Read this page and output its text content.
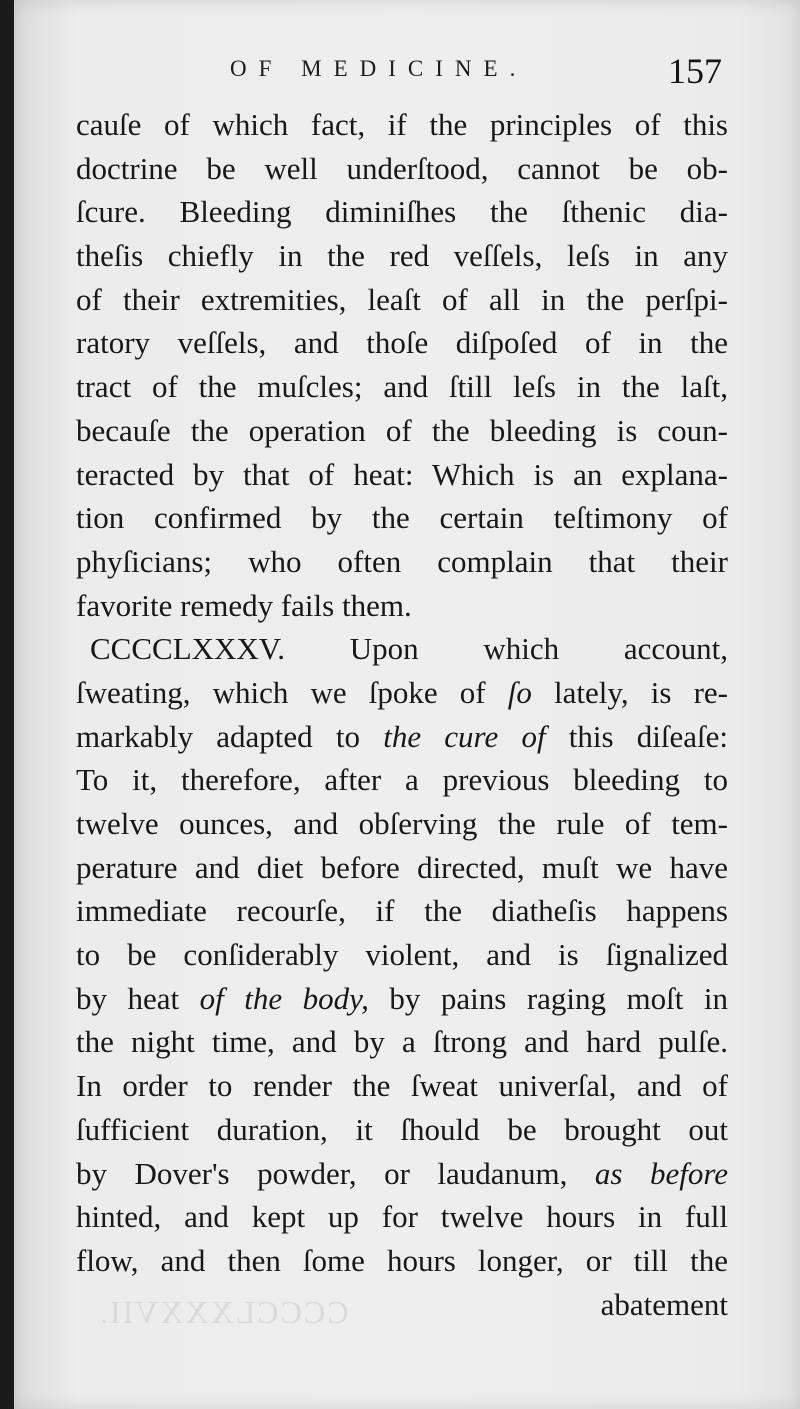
OF MEDICINE.	157
cauſe of which fact, if the principles of this
doctrine be well underſtood, cannot be ob-
ſcure. Bleeding diminiſhes the ſthenic dia-
theſis chiefly in the red veſſels, leſs in any
of their extremities, leaſt of all in the perſpi-
ratory veſſels, and thoſe diſpoſed of in the
tract of the muſcles; and ſtill leſs in the laſt,
becauſe the operation of the bleeding is coun-
teracted by that of heat: Which is an explana-
tion confirmed by the certain teſtimony of
phyſicians; who often complain that their
favorite remedy fails them.
CCCCLXXXV. Upon which account,
ſweating, which we ſpoke of ſo lately, is re-
markably adapted to the cure of this diſeaſe:
To it, therefore, after a previous bleeding to
twelve ounces, and obſerving the rule of tem-
perature and diet before directed, muſt we have
immediate recourſe, if the diatheſis happens
to be conſiderably violent, and is ſignalized
by heat of the body, by pains raging moſt in
the night time, and by a ſtrong and hard pulſe.
In order to render the ſweat univerſal, and of
ſufficient duration, it ſhould be brought out
by Dover's powder, or laudanum, as before
hinted, and kept up for twelve hours in full
flow, and then ſome hours longer, or till the
abatement
CCCCLXXXVII.
